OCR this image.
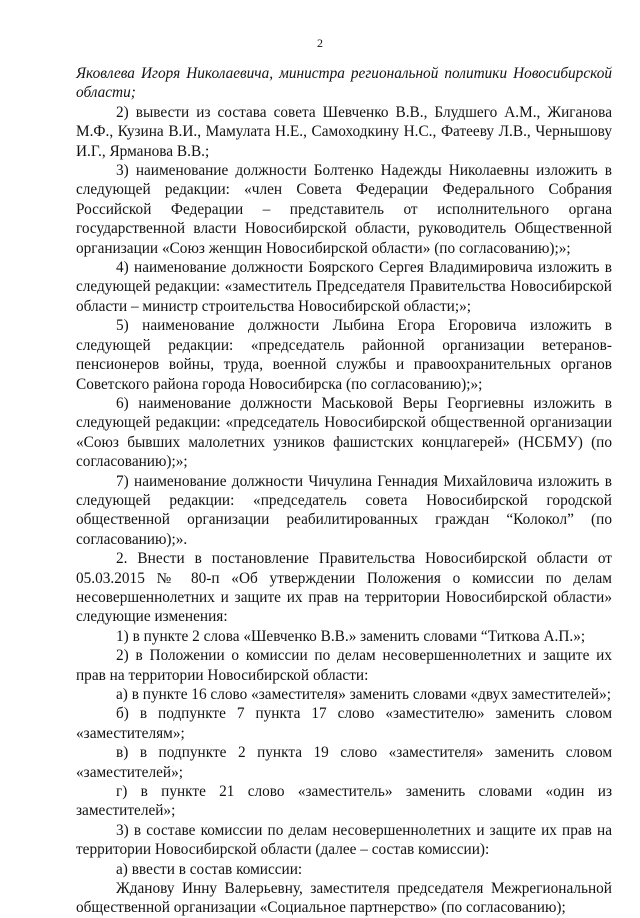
2

Яковлева Игоря Николаевича, министра региональной политики Новосибирской области;

2) вывести из состава совета Шевченко В.В., Блудшего А.М., Жиганова М.Ф., Кузина В.И., Мамулата Н.Е., Самоходкину Н.С., Фатееву Л.В., Чернышову И.Г., Ярманова В.В.;

3) наименование должности Болтенко Надежды Николаевны изложить в следующей редакции: «член Совета Федерации Федерального Собрания Российской Федерации – представитель от исполнительного органа государственной власти Новосибирской области, руководитель Общественной организации «Союз женщин Новосибирской области» (по согласованию);»;

4) наименование должности Боярского Сергея Владимировича изложить в следующей редакции: «заместитель Председателя Правительства Новосибирской области – министр строительства Новосибирской области;»;

5) наименование должности Лыбина Егора Егоровича изложить в следующей редакции: «председатель районной организации ветеранов-пенсионеров войны, труда, военной службы и правоохранительных органов Советского района города Новосибирска (по согласованию);»;

6) наименование должности Маськовой Веры Георгиевны изложить в следующей редакции: «председатель Новосибирской общественной организации «Союз бывших малолетних узников фашистских концлагерей» (НСБМУ) (по согласованию);»;

7) наименование должности Чичулина Геннадия Михайловича изложить в следующей редакции: «председатель совета Новосибирской городской общественной организации реабилитированных граждан “Колокол” (по согласованию);».

2. Внести в постановление Правительства Новосибирской области от 05.03.2015 № 80-п «Об утверждении Положения о комиссии по делам несовершеннолетних и защите их прав на территории Новосибирской области» следующие изменения:

1) в пункте 2 слова «Шевченко В.В.» заменить словами “Титкова А.П.»;

2) в Положении о комиссии по делам несовершеннолетних и защите их прав на территории Новосибирской области:

а) в пункте 16 слово «заместителя» заменить словами «двух заместителей»;

б) в подпункте 7 пункта 17 слово «заместителю» заменить словом «заместителям»;

в) в подпункте 2 пункта 19 слово «заместителя» заменить словом «заместителей»;

г) в пункте 21 слово «заместитель» заменить словами «один из заместителей»;

3) в составе комиссии по делам несовершеннолетних и защите их прав на территории Новосибирской области (далее – состав комиссии):

а) ввести в состав комиссии:

Жданову Инну Валерьевну, заместителя председателя Межрегиональной общественной организации «Социальное партнерство» (по согласованию);
